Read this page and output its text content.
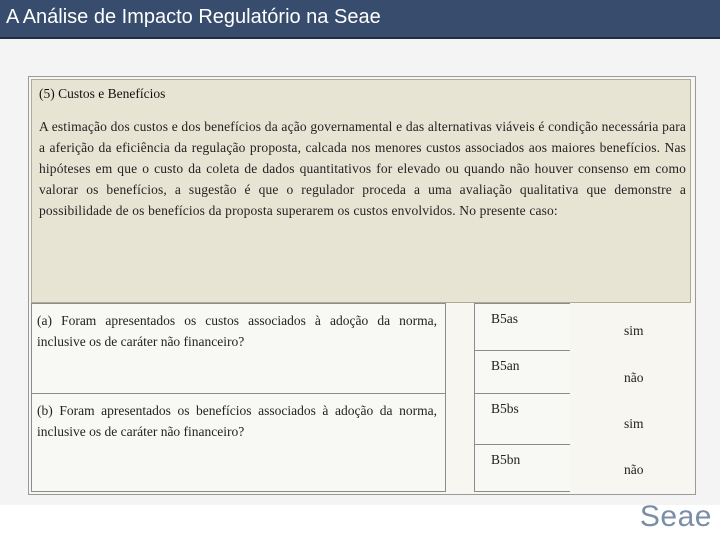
A Análise de Impacto Regulatório na Seae
(5) Custos e Benefícios

A estimação dos custos e dos benefícios da ação governamental e das alternativas viáveis é condição necessária para a aferição da eficiência da regulação proposta, calcada nos menores custos associados aos maiores benefícios. Nas hipóteses em que o custo da coleta de dados quantitativos for elevado ou quando não houver consenso em como valorar os benefícios, a sugestão é que o regulador proceda a uma avaliação qualitativa que demonstre a possibilidade de os benefícios da proposta superarem os custos envolvidos. No presente caso:

(a) Foram apresentados os custos associados à adoção da norma, inclusive os de caráter não financeiro?

B5as
B5an
sim
não

(b) Foram apresentados os benefícios associados à adoção da norma, inclusive os de caráter não financeiro?

B5bs
B5bn
sim
não
Seae
